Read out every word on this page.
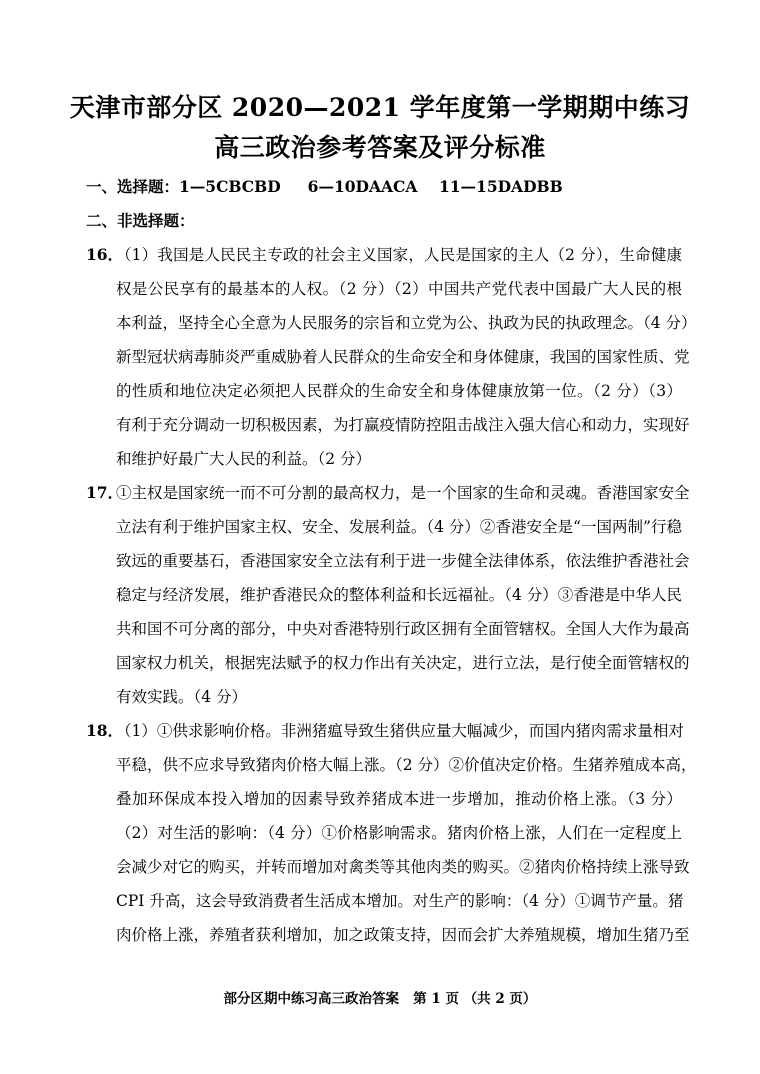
天津市部分区 2020—2021 学年度第一学期期中练习
高三政治参考答案及评分标准
一、选择题：1—5CBCBD     6—10DAACA    11—15DADBB
二、非选择题：
16．
（1）我国是人民民主专政的社会主义国家，人民是国家的主人（2 分），生命健康
权是公民享有的最基本的人权。（2 分）（2）中国共产党代表中国最广大人民的根
本利益，坚持全心全意为人民服务的宗旨和立党为公、执政为民的执政理念。（4 分）
新型冠状病毒肺炎严重威胁着人民群众的生命安全和身体健康，我国的国家性质、党
的性质和地位决定必须把人民群众的生命安全和身体健康放第一位。（2 分）（3）
有利于充分调动一切积极因素，为打赢疫情防控阻击战注入强大信心和动力，实现好
和维护好最广大人民的利益。（2 分）
17．
①主权是国家统一而不可分割的最高权力，是一个国家的生命和灵魂。香港国家安全
立法有利于维护国家主权、安全、发展利益。（4 分）②香港安全是“一国两制”行稳
致远的重要基石，香港国家安全立法有利于进一步健全法律体系，依法维护香港社会
稳定与经济发展，维护香港民众的整体利益和长远福祉。（4 分）③香港是中华人民
共和国不可分离的部分，中央对香港特别行政区拥有全面管辖权。全国人大作为最高
国家权力机关，根据宪法赋予的权力作出有关决定，进行立法，是行使全面管辖权的
有效实践。（4 分）
18．
（1）①供求影响价格。非洲猪瘟导致生猪供应量大幅减少，而国内猪肉需求量相对
平稳，供不应求导致猪肉价格大幅上涨。（2 分）②价值决定价格。生猪养殖成本高，
叠加环保成本投入增加的因素导致养猪成本进一步增加，推动价格上涨。（3 分）
（2）对生活的影响：（4 分）①价格影响需求。猪肉价格上涨，人们在一定程度上
会减少对它的购买，并转而增加对禽类等其他肉类的购买。②猪肉价格持续上涨导致
CPI 升高，这会导致消费者生活成本增加。对生产的影响：（4 分）①调节产量。猪
肉价格上涨，养殖者获利增加，加之政策支持，因而会扩大养殖规模，增加生猪乃至
部分区期中练习高三政治答案   第 1 页 （共 2 页）
